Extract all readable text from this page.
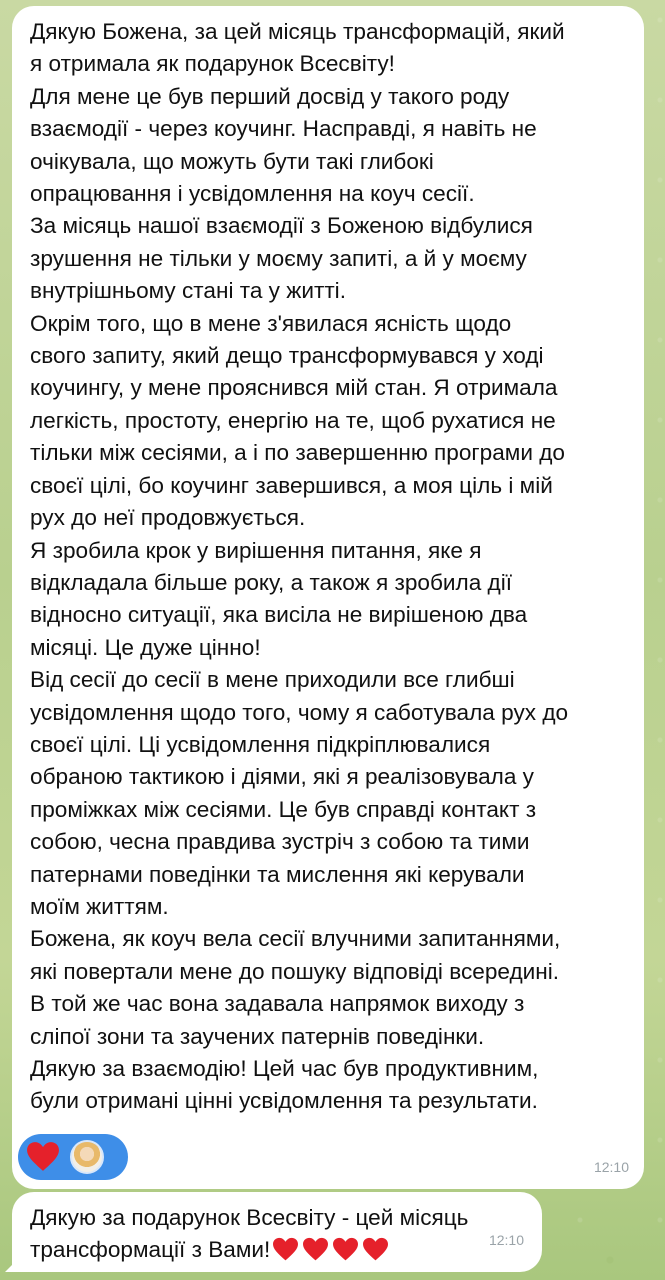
Дякую Божена, за цей місяць трансформацій, який
я отримала як подарунок Всесвіту!
Для мене це був перший досвід у такого роду
взаємодії - через коучинг. Насправді, я навіть не
очікувала, що можуть бути такі глибокі
опрацювання і усвідомлення на коуч сесії.
За місяць нашої взаємодії з Боженою відбулися
зрушення не тільки у моєму запиті, а й у моєму
внутрішньому стані та у житті.
Окрім того, що в мене з'явилася ясність щодо
свого запиту, який дещо трансформувався у ході
коучингу, у мене прояснився мій стан. Я отримала
легкість, простоту, енергію на те, щоб рухатися не
тільки між сесіями, а і по завершенню програми до
своєї цілі, бо коучинг завершився, а моя ціль і мій
рух до неї продовжується.
Я зробила крок у вирішення питання, яке я
відкладала більше року, а також я зробила дії
відносно ситуації, яка висіла не вирішеною два
місяці. Це дуже цінно!
Від сесії до сесії в мене приходили все глибші
усвідомлення щодо того, чому я саботувала рух до
своєї цілі. Ці усвідомлення підкріплювалися
обраною тактикою і діями, які я реалізовувала у
проміжках між сесіями. Це був справді контакт з
собою, чесна правдива зустріч з собою та тими
патернами поведінки та мислення які керували
моїм життям.
Божена, як коуч вела сесії влучними запитаннями,
які повертали мене до пошуку відповіді всередині.
В той же час вона задавала напрямок виходу з
сліпої зони та заучених патернів поведінки.
Дякую за взаємодію! Цей час був продуктивним,
були отримані цінні усвідомлення та результати.
12:10
Дякую за подарунок Всесвіту - цей місяць
трансформації з Вами!	12:10
